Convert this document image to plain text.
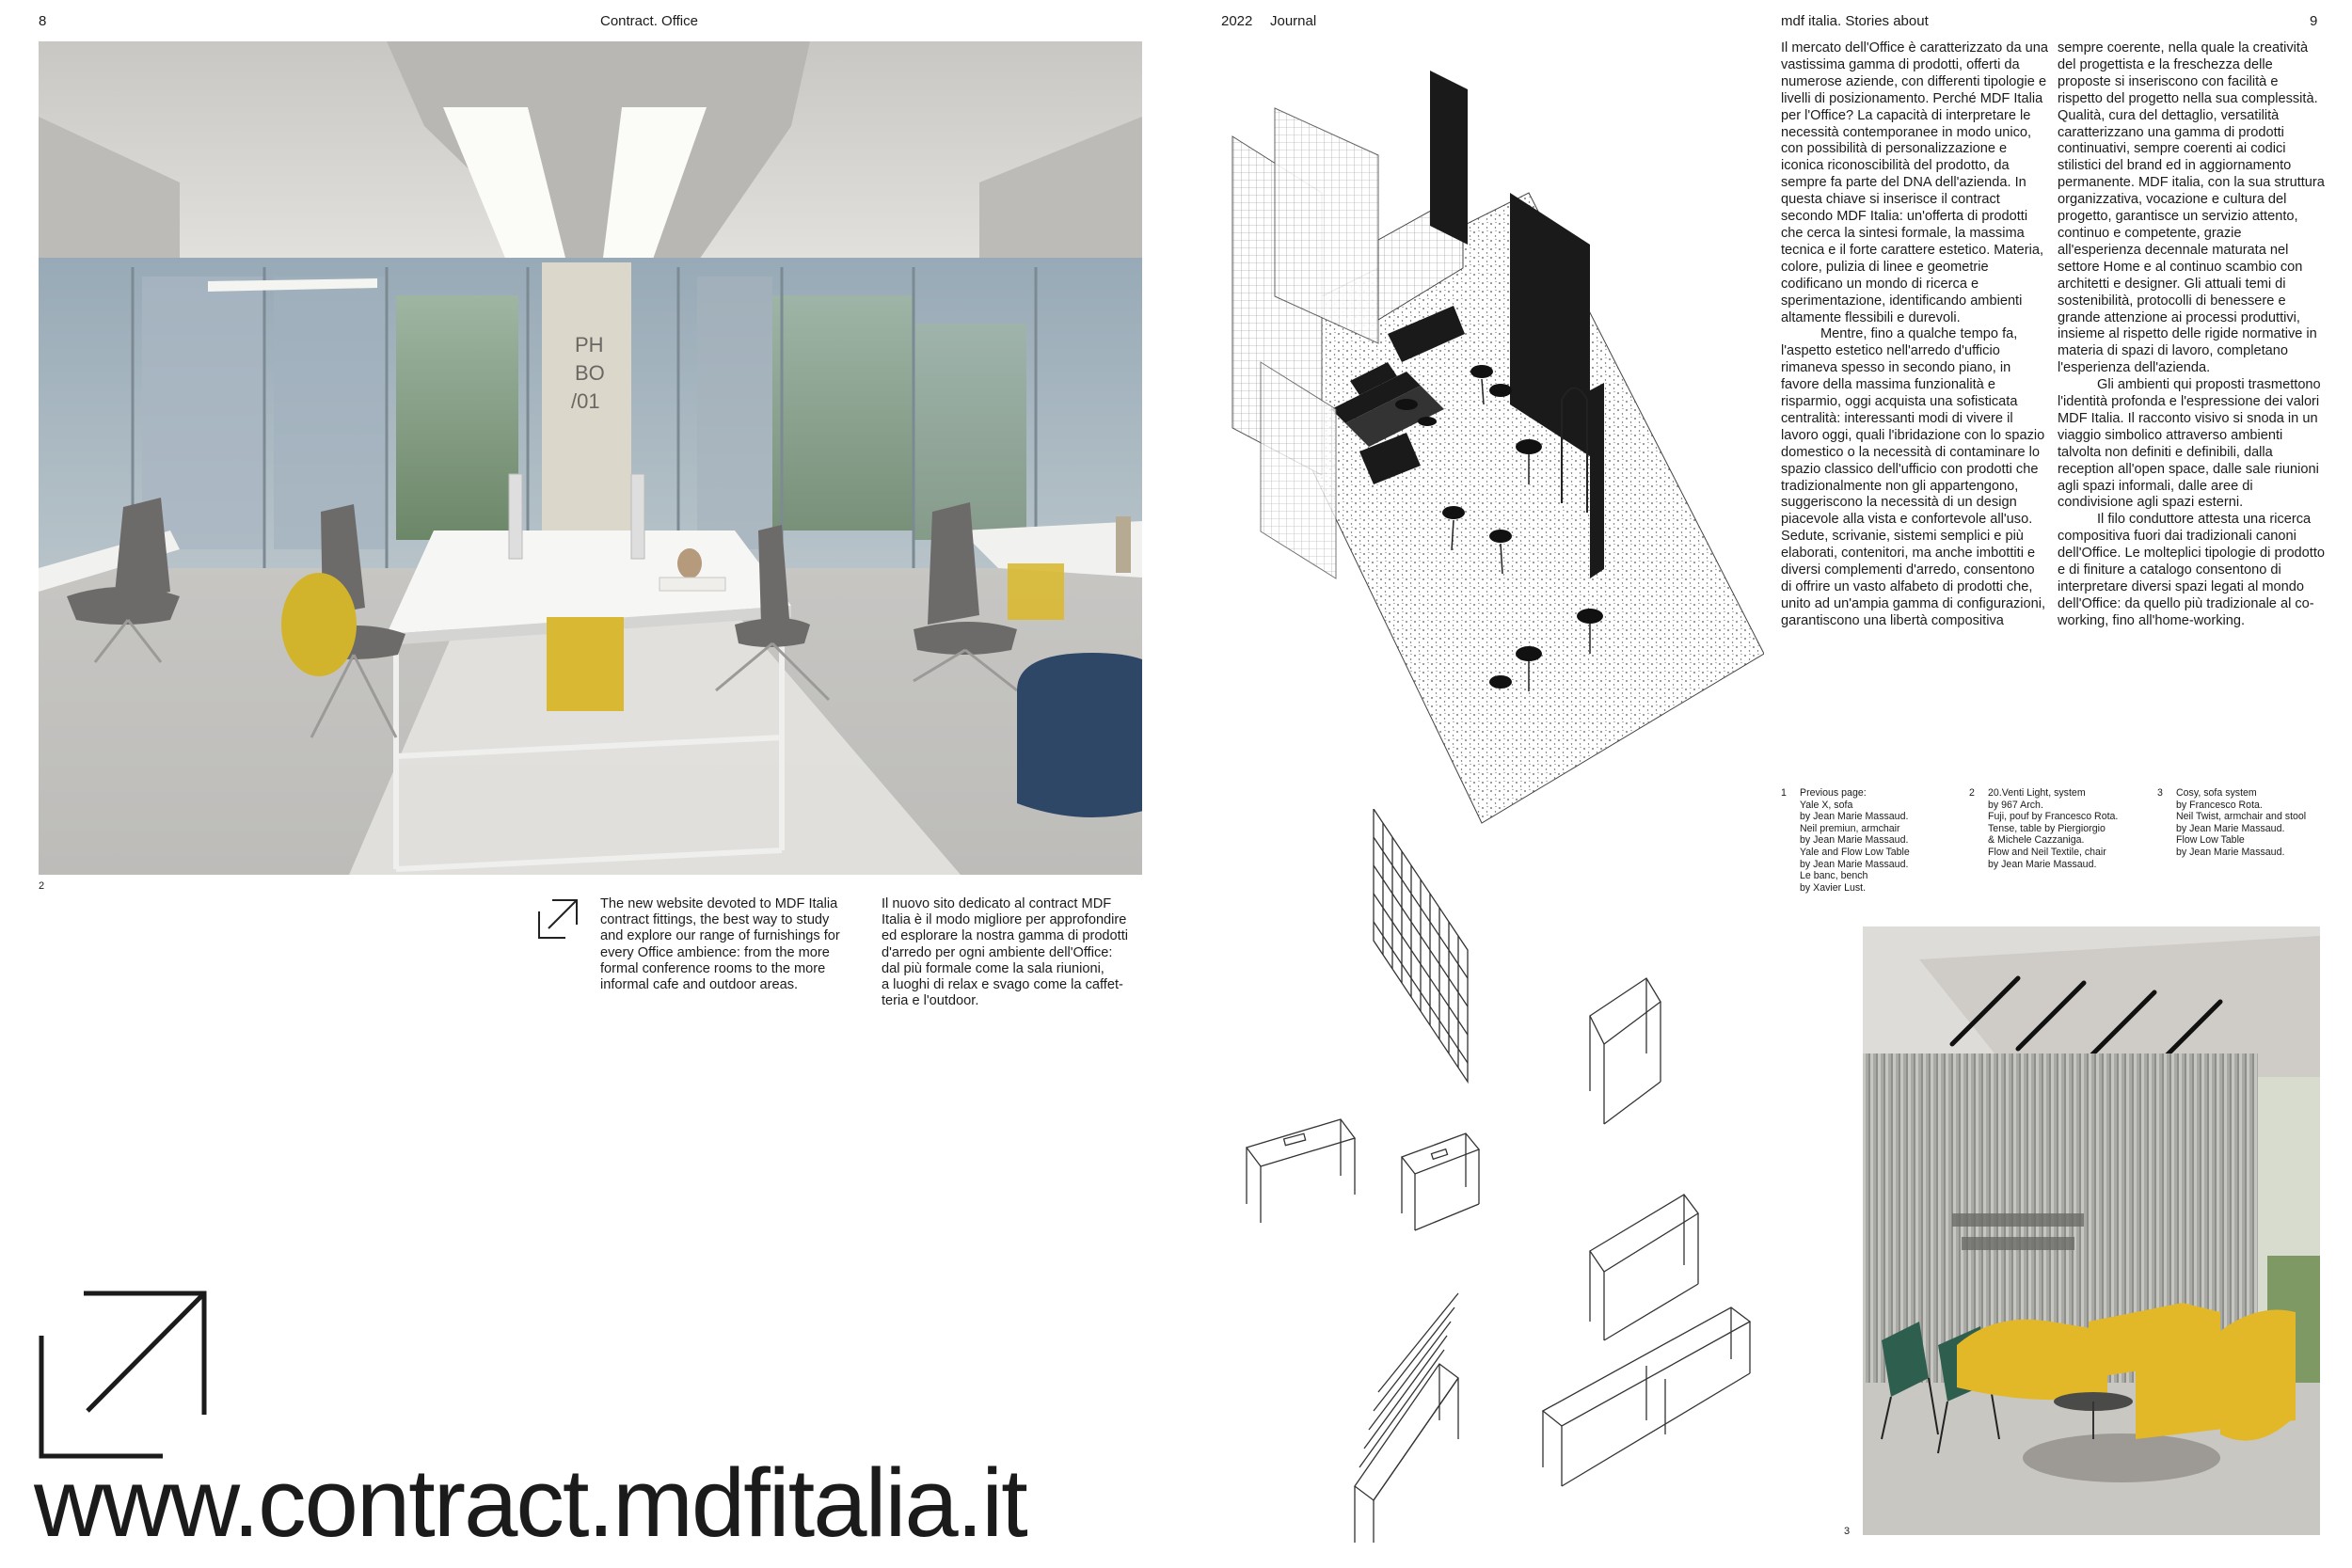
8	Contract. Office	2022 Journal	mdf italia. Stories about	9
PH BO /01
2
The new website devoted to MDF Italia
contract fittings, the best way to study
and explore our range of furnishings for
every Office ambience: from the more
formal conference rooms to the more
informal cafe and outdoor areas.
Il nuovo sito dedicato al contract MDF
Italia è il modo migliore per approfondire
ed esplorare la nostra gamma di prodotti
d'arredo per ogni ambiente dell'Office:
dal più formale come la sala riunioni,
a luoghi di relax e svago come la caffet-
teria e l'outdoor.
www.contract.mdfitalia.it

Il mercato dell'Office è caratterizzato da una vastissima gamma di prodotti, offerti da numerose aziende, con differenti tipologie e livelli di posizionamento. Perché MDF Italia per l'Office? La capacità di interpretare le necessità contemporanee in modo unico, con possibilità di personalizzazione e iconica riconoscibilità del prodotto, da sempre fa parte del DNA dell'azienda. In questa chiave si inserisce il contract secondo MDF Italia: un'offerta di prodotti che cerca la sintesi formale, la massima tecnica e il forte carattere estetico. Materia, colore, pulizia di linee e geometrie codificano un mondo di ricerca e sperimentazione, identificando ambienti altamente flessibili e durevoli.

Mentre, fino a qualche tempo fa, l'aspetto estetico nell'arredo d'ufficio rimaneva spesso in secondo piano, in favore della massima funzionalità e risparmio, oggi acquista una sofisticata centralità: interessanti modi di vivere il lavoro oggi, quali l'ibridazione con lo spazio domestico o la necessità di contaminare lo spazio classico dell'ufficio con prodotti che tradizionalmente non gli appartengono, suggeriscono la necessità di un design piacevole alla vista e confortevole all'uso. Sedute, scrivanie, sistemi semplici e più elaborati, contenitori, ma anche imbottiti e diversi complementi d'arredo, consentono di offrire un vasto alfabeto di prodotti che, unito ad un'ampia gamma di configurazioni, garantiscono una libertà compositiva

sempre coerente, nella quale la creatività del progettista e la freschezza delle proposte si inseriscono con facilità e rispetto del progetto nella sua complessità. Qualità, cura del dettaglio, versatilità caratterizzano una gamma di prodotti continuativi, sempre coerenti ai codici stilistici del brand ed in aggiornamento permanente. MDF italia, con la sua struttura organizzativa, vocazione e cultura del progetto, garantisce un servizio attento, continuo e competente, grazie all'esperienza decennale maturata nel settore Home e al continuo scambio con architetti e designer. Gli attuali temi di sostenibilità, protocolli di benessere e grande attenzione ai processi produttivi, insieme al rispetto delle rigide normative in materia di spazi di lavoro, completano l'esperienza dell'azienda.

Gli ambienti qui proposti trasmettono l'identità profonda e l'espressione dei valori MDF Italia. Il racconto visivo si snoda in un viaggio simbolico attraverso ambienti talvolta non definiti e definibili, dalla reception all'open space, dalle sale riunioni agli spazi informali, dalle aree di condivisione agli spazi esterni.

Il filo conduttore attesta una ricerca compositiva fuori dai tradizionali canoni dell'Office. Le molteplici tipologie di prodotto e di finiture a catalogo consentono di interpretare diversi spazi legati al mondo dell'Office: da quello più tradizionale al co-working, fino all'home-working.

1 Previous page:
Yale X, sofa
by Jean Marie Massaud.
Neil premiun, armchair
by Jean Marie Massaud.
Yale and Flow Low Table
by Jean Marie Massaud.
Le banc, bench
by Xavier Lust.
2 20.Venti Light, system
by 967 Arch.
Fuji, pouf by Francesco Rota.
Tense, table by Piergiorgio
& Michele Cazzaniga.
Flow and Neil Textile, chair
by Jean Marie Massaud.
3 Cosy, sofa system
by Francesco Rota.
Neil Twist, armchair and stool
by Jean Marie Massaud.
Flow Low Table
by Jean Marie Massaud.
3
